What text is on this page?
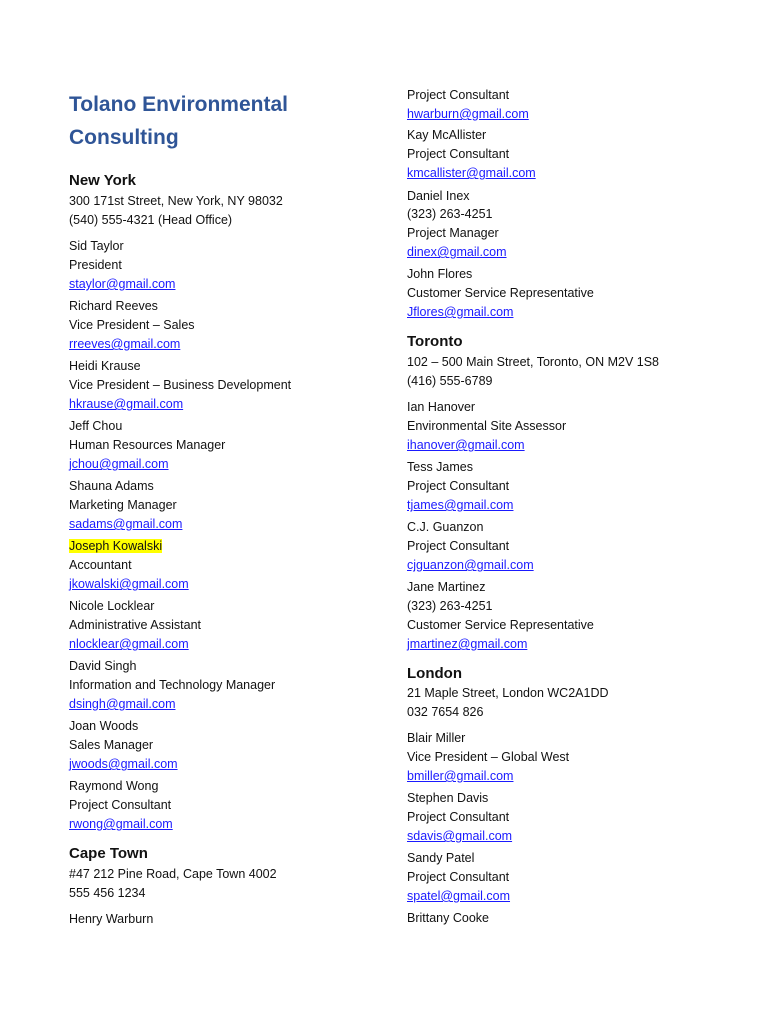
Tolano Environmental
Consulting
New York
300 171st Street, New York, NY 98032
(540) 555-4321 (Head Office)
Sid Taylor
President
staylor@gmail.com
Richard Reeves
Vice President – Sales
rreeves@gmail.com
Heidi Krause
Vice President – Business Development
hkrause@gmail.com
Jeff Chou
Human Resources Manager
jchou@gmail.com
Shauna Adams
Marketing Manager
sadams@gmail.com
Joseph Kowalski
Accountant
jkowalski@gmail.com
Nicole Locklear
Administrative Assistant
nlocklear@gmail.com
David Singh
Information and Technology Manager
dsingh@gmail.com
Joan Woods
Sales Manager
jwoods@gmail.com
Raymond Wong
Project Consultant
rwong@gmail.com
Cape Town
#47 212 Pine Road, Cape Town 4002
555 456 1234
Henry Warburn
Project Consultant
hwarburn@gmail.com
Kay McAllister
Project Consultant
kmcallister@gmail.com
Daniel Inex
(323) 263-4251
Project Manager
dinex@gmail.com
John Flores
Customer Service Representative
Jflores@gmail.com
Toronto
102 – 500 Main Street, Toronto, ON M2V 1S8
(416) 555-6789
Ian Hanover
Environmental Site Assessor
ihanover@gmail.com
Tess James
Project Consultant
tjames@gmail.com
C.J. Guanzon
Project Consultant
cjguanzon@gmail.com
Jane Martinez
(323) 263-4251
Customer Service Representative
jmartinez@gmail.com
London
21 Maple Street, London WC2A1DD
032 7654 826
Blair Miller
Vice President – Global West
bmiller@gmail.com
Stephen Davis
Project Consultant
sdavis@gmail.com
Sandy Patel
Project Consultant
spatel@gmail.com
Brittany Cooke
